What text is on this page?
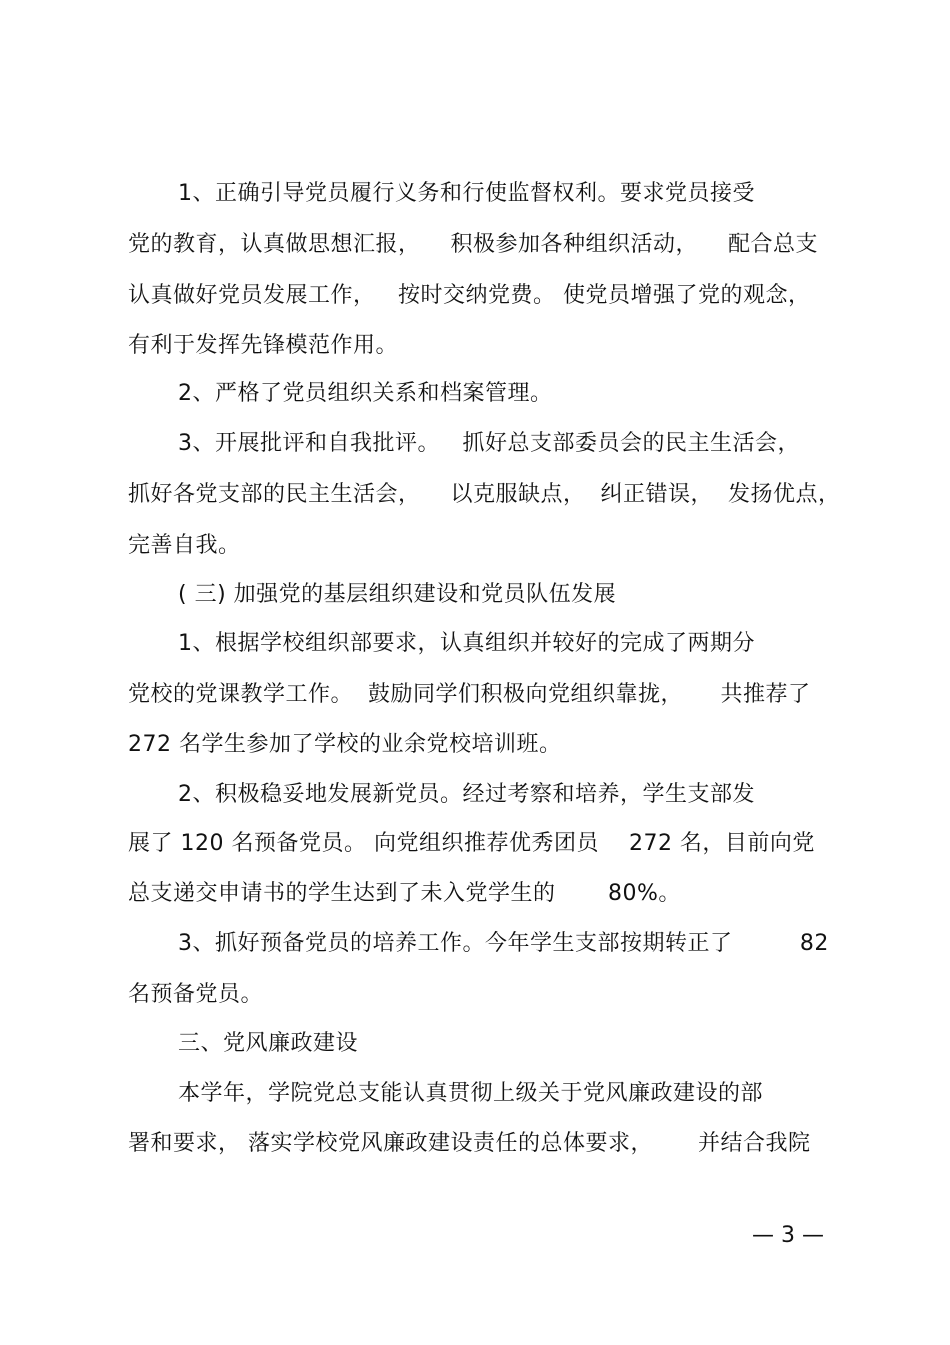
1、正确引导党员履行义务和行使监督权利。要求党员接受
党的教育，认真做思想汇报，    积极参加各种组织活动，    配合总支
认真做好党员发展工作，   按时交纳党费。 使党员增强了党的观念，
有利于发挥先锋模范作用。
2、严格了党员组织关系和档案管理。
3、开展批评和自我批评。   抓好总支部委员会的民主生活会，
抓好各党支部的民主生活会，    以克服缺点，  纠正错误，  发扬优点，
完善自我。
( 三) 加强党的基层组织建设和党员队伍发展
1、根据学校组织部要求，认真组织并较好的完成了两期分
党校的党课教学工作。  鼓励同学们积极向党组织靠拢，     共推荐了
272 名学生参加了学校的业余党校培训班。
2、积极稳妥地发展新党员。经过考察和培养，学生支部发
展了 120 名预备党员。 向党组织推荐优秀团员    272 名，目前向党
总支递交申请书的学生达到了未入党学生的       80%。
3、抓好预备党员的培养工作。今年学生支部按期转正了         82
名预备党员。
三、党风廉政建设
本学年，学院党总支能认真贯彻上级关于党风廉政建设的部
署和要求， 落实学校党风廉政建设责任的总体要求，      并结合我院
— 3 —
